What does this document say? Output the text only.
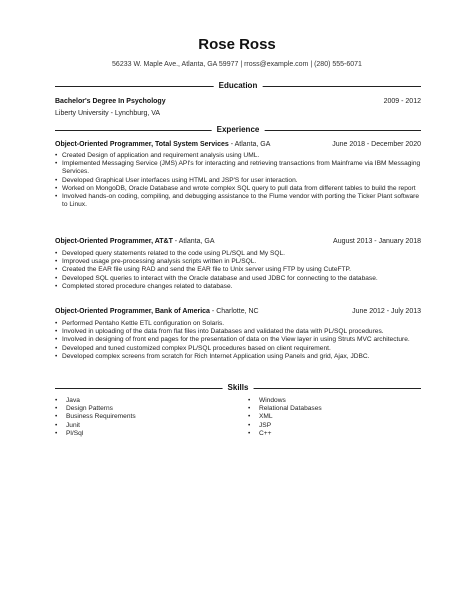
Rose Ross
56233 W. Maple Ave., Atlanta, GA 59977 | rross@example.com | (280) 555-6071
Education
Bachelor's Degree In Psychology	2009 - 2012
Liberty University - Lynchburg, VA
Experience
Object-Oriented Programmer, Total System Services - Atlanta, GA	June 2018 - December 2020
• Created Design of application and requirement analysis using UML.
• Implemented Messaging Service (JMS) API's for interacting and retrieving transactions from Mainframe via IBM Messaging Services.
• Developed Graphical User interfaces using HTML and JSP'S for user interaction.
• Worked on MongoDB, Oracle Database and wrote complex SQL query to pull data from different tables to build the report
• Involved hands-on coding, compiling, and debugging assistance to the Flume vendor with porting the Ticker Plant software to Linux.
Object-Oriented Programmer, AT&T - Atlanta, GA	August 2013 - January 2018
• Developed query statements related to the code using PL/SQL and My SQL.
• Improved usage pre-processing analysis scripts written in PL/SQL.
• Created the EAR file using RAD and send the EAR file to Unix server using FTP by using CuteFTP.
• Developed SQL queries to interact with the Oracle database and used JDBC for connecting to the database.
• Completed stored procedure changes related to database.
Object-Oriented Programmer, Bank of America - Charlotte, NC	June 2012 - July 2013
• Performed Pentaho Kettle ETL configuration on Solaris.
• Involved in uploading of the data from flat files into Databases and validated the data with PL/SQL procedures.
• Involved in designing of front end pages for the presentation of data on the View layer in using Struts MVC architecture.
• Developed and tuned customized complex PL/SQL procedures based on client requirement.
• Developed complex screens from scratch for Rich Internet Application using Panels and grid, Ajax, JDBC.
Skills
• Java
• Design Patterns
• Business Requirements
• Junit
• Pl/Sql
• Windows
• Relational Databases
• XML
• JSP
• C++
